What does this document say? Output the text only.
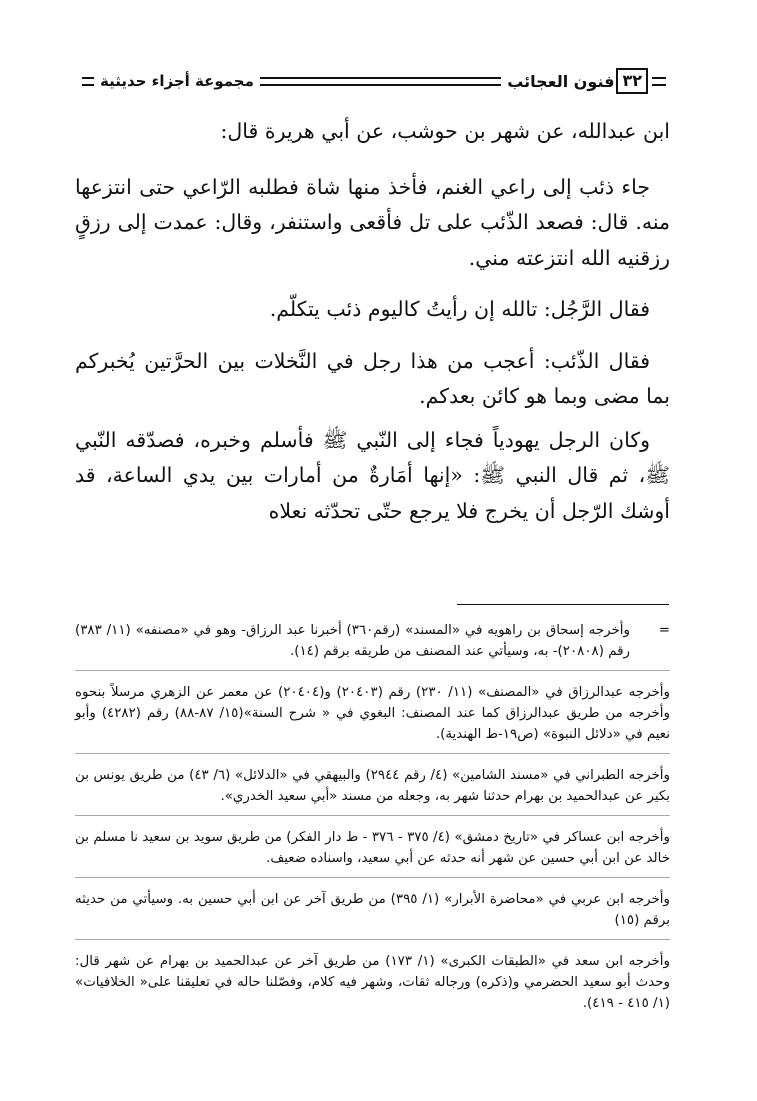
٣٢
فنون العجائب
مجموعة أجزاء حديثية

ابن عبدالله، عن شهر بن حوشب، عن أبي هريرة قال:

جاء ذئب إلى راعي الغنم، فأخذ منها شاة فطلبه الرّاعي حتى انتزعها منه. قال: فصعد الذّئب على تل فأقعى واستنفر، وقال: عمدت إلى رزقٍ رزقنيه الله انتزعته مني.

فقال الرَّجُل: تالله إن رأيتُ كاليوم ذئب يتكلّم.

فقال الذّئب: أعجب من هذا رجل في النَّخلات بين الحرَّتين يُخبركم بما مضى وبما هو كائن بعدكم.

وكان الرجل يهودياً فجاء إلى النّبي ﷺ فأسلم وخبره، فصدّقه النّبي ﷺ، ثم قال النبي ﷺ: «إنها أمَارةٌ من أمارات بين يدي الساعة، قد أوشك الرّجل أن يخرج فلا يرجع حتّى تحدّثه نعلاه

=
وأخرجه إسحاق بن راهويه في «المسند» (رقم٣٦٠) أخبرنا عبد الرزاق- وهو في «مصنفه» (١١/ ٣٨٣) رقم (٢٠٨٠٨)- به، وسيأتي عند المصنف من طريقه برقم (١٤).
وأخرجه عبدالرزاق في «المصنف» (١١/ ٢٣٠) رقم (٢٠٤٠٣) و(٢٠٤٠٤) عن معمر عن الزهري مرسلاً بنحوه وأخرجه من طريق عبدالرزاق كما عند المصنف: البغوي في « شرح السنة»(١٥/ ٨٧-٨٨) رقم (٤٢٨٢) وأبو نعيم في «دلائل النبوة» (ص١٩-ط الهندية).
وأخرجه الطبراني في «مسند الشامين» (٤/ رقم ٢٩٤٤) والبيهقي في «الدلائل» (٦/ ٤٣) من طريق يونس بن بكير عن عبدالحميد بن بهرام حدثنا شهر به، وجعله من مسند «أبي سعيد الخدري».
وأخرجه ابن عساكر في «تاريخ دمشق» (٤/ ٣٧٥ - ٣٧٦ - ط دار الفكر) من طريق سويد بن سعيد نا مسلم بن خالد عن ابن أبي حسين عن شهر أنه حدثه عن أبي سعيد، واسناده ضعيف.
وأخرجه ابن عربي في «محاضرة الأبرار» (١/ ٣٩٥) من طريق آخر عن ابن أبي حسين به. وسيأتي من حديثه برقم (١٥)
وأخرجه ابن سعد في «الطبقات الكبرى» (١/ ١٧٣) من طريق آخر عن عبدالحميد بن بهرام عن شهر قال: وحدث أبو سعيد الحضرمي و(ذكره) ورجاله ثقات، وشهر فيه كلام، وفصّلنا حاله في تعليقنا على« الخلافيات» (١/ ٤١٥ - ٤١٩).
